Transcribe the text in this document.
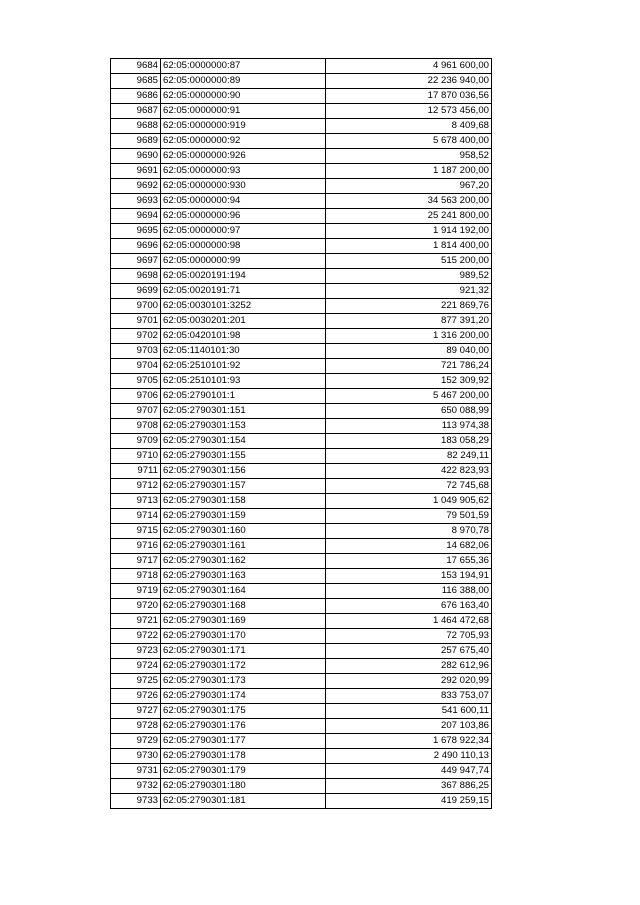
9684	62:05:0000000:87	4 961 600,00
9685	62:05:0000000:89	22 236 940,00
9686	62:05:0000000:90	17 870 036,56
9687	62:05:0000000:91	12 573 456,00
9688	62:05:0000000:919	8 409,68
9689	62:05:0000000:92	5 678 400,00
9690	62:05:0000000:926	958,52
9691	62:05:0000000:93	1 187 200,00
9692	62:05:0000000:930	967,20
9693	62:05:0000000:94	34 563 200,00
9694	62:05:0000000:96	25 241 800,00
9695	62:05:0000000:97	1 914 192,00
9696	62:05:0000000:98	1 814 400,00
9697	62:05:0000000:99	515 200,00
9698	62:05:0020191:194	989,52
9699	62:05:0020191:71	921,32
9700	62:05:0030101:3252	221 869,76
9701	62:05:0030201:201	877 391,20
9702	62:05:0420101:98	1 316 200,00
9703	62:05:1140101:30	89 040,00
9704	62:05:2510101:92	721 786,24
9705	62:05:2510101:93	152 309,92
9706	62:05:2790101:1	5 467 200,00
9707	62:05:2790301:151	650 088,99
9708	62:05:2790301:153	113 974,38
9709	62:05:2790301:154	183 058,29
9710	62:05:2790301:155	82 249,11
9711	62:05:2790301:156	422 823,93
9712	62:05:2790301:157	72 745,68
9713	62:05:2790301:158	1 049 905,62
9714	62:05:2790301:159	79 501,59
9715	62:05:2790301:160	8 970,78
9716	62:05:2790301:161	14 682,06
9717	62:05:2790301:162	17 655,36
9718	62:05:2790301:163	153 194,91
9719	62:05:2790301:164	116 388,00
9720	62:05:2790301:168	676 163,40
9721	62:05:2790301:169	1 464 472,68
9722	62:05:2790301:170	72 705,93
9723	62:05:2790301:171	257 675,40
9724	62:05:2790301:172	282 612,96
9725	62:05:2790301:173	292 020,99
9726	62:05:2790301:174	833 753,07
9727	62:05:2790301:175	541 600,11
9728	62:05:2790301:176	207 103,86
9729	62:05:2790301:177	1 678 922,34
9730	62:05:2790301:178	2 490 110,13
9731	62:05:2790301:179	449 947,74
9732	62:05:2790301:180	367 886,25
9733	62:05:2790301:181	419 259,15
